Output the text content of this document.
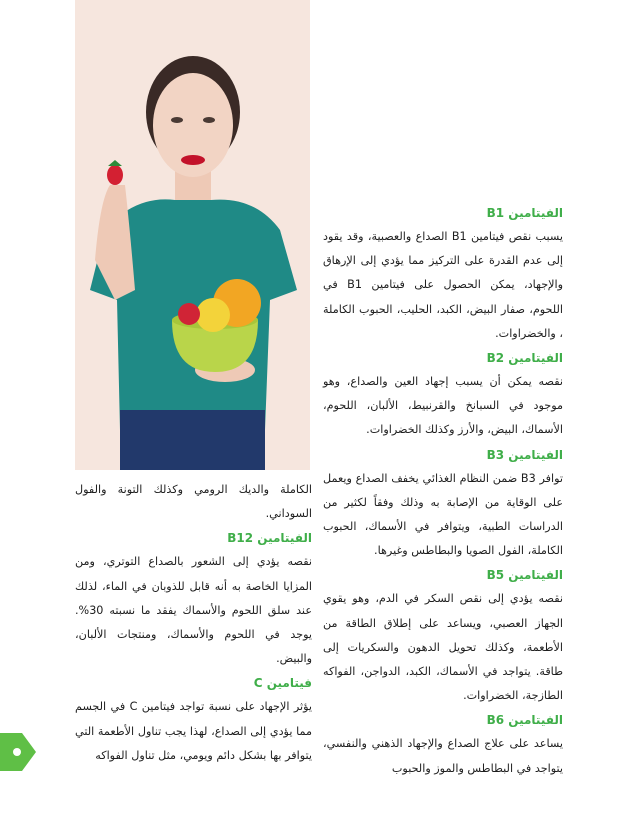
الفيتامين B1

يسبب نقص فيتامين B1 الصداع والعصبية، وقد يقود إلى عدم القدرة على التركيز مما يؤدي إلى الإرهاق والإجهاد، يمكن الحصول على فيتامين B1 في اللحوم، صفار البيض، الكبد، الحليب، الحبوب الكاملة ، والخضراوات.

الفيتامين B2

نقصه يمكن أن يسبب إجهاد العين والصداع، وهو موجود في السبانخ والقرنبيط، الألبان، اللحوم، الأسماك، البيض، والأرز وكذلك الخضراوات.

الفيتامين B3

توافر B3 ضمن النظام الغذائي يخفف الصداع ويعمل على الوقاية من الإصابة به وذلك وفقاً لكثير من الدراسات الطبية، ويتوافر في الأسماك، الحبوب الكاملة، الفول الصويا والبطاطس وغيرها.

الفيتامين B5

نقصه يؤدي إلى نقص السكر في الدم، وهو يقوي الجهاز العصبي، ويساعد على إطلاق الطاقة من الأطعمة، وكذلك تحويل الدهون والسكريات إلى طاقة. يتواجد في الأسماك، الكبد، الدواجن، الفواكه الطازجة، الخضراوات.

الفيتامين B6

يساعد على علاج الصداع والإجهاد الذهني والنفسي، يتواجد في البطاطس والموز والحبوب

الكاملة والديك الرومي وكذلك التونة والفول السوداني.

الفيتامين B12

نقصه يؤدي إلى الشعور بالصداع التوتري، ومن المزايا الخاصة به أنه قابل للذوبان في الماء، لذلك عند سلق اللحوم والأسماك يفقد ما نسبته 30%. يوجد في اللحوم والأسماك، ومنتجات الألبان، والبيض.

فيتامين C

يؤثر الإجهاد على نسبة تواجد فيتامين C في الجسم مما يؤدي إلى الصداع، لهذا يجب تناول الأطعمة التي يتوافر بها بشكل دائم ويومي، مثل تناول الفواكه
